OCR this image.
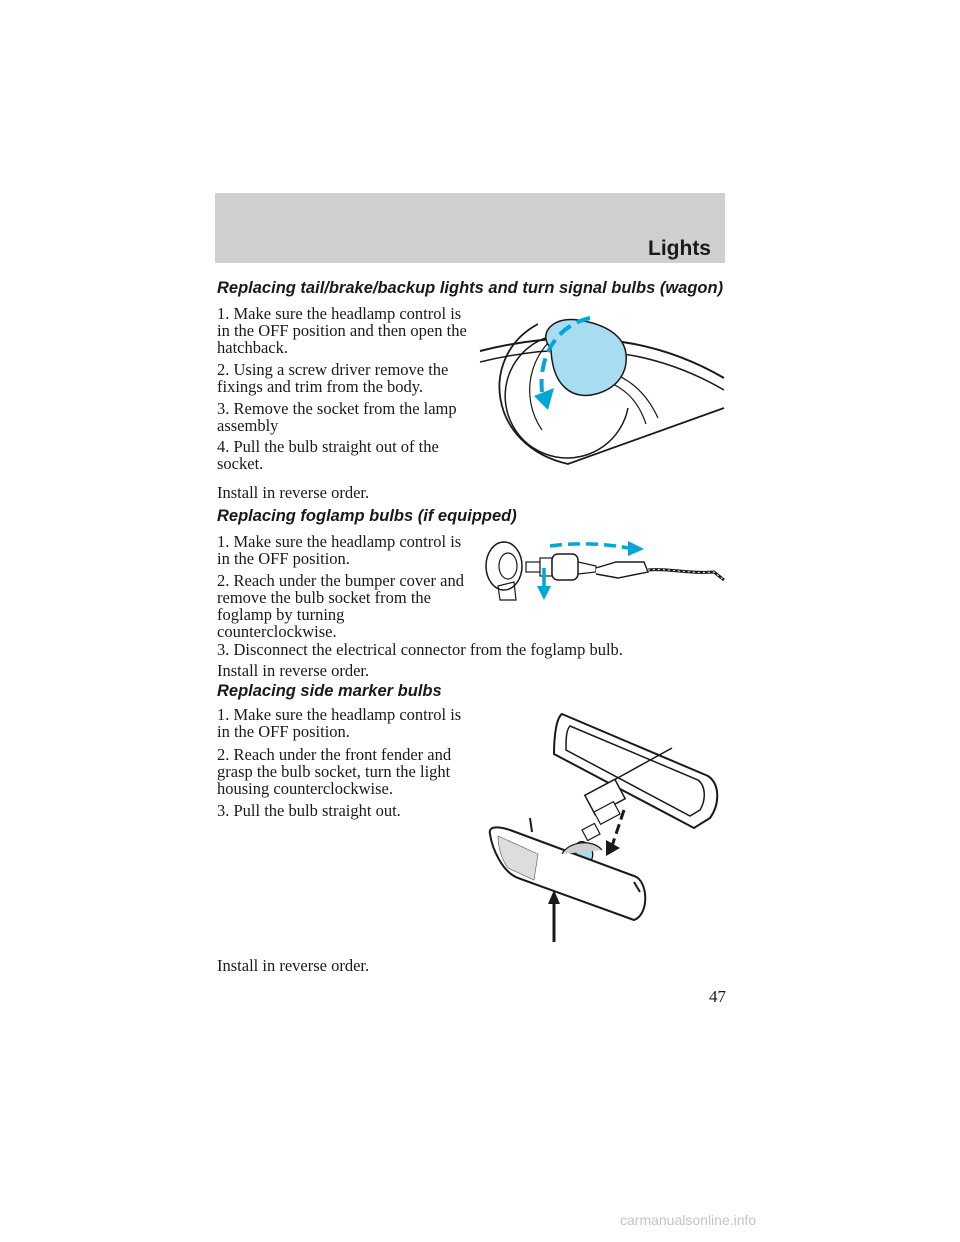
Lights
Replacing tail/brake/backup lights and turn signal bulbs (wagon)

1. Make sure the headlamp control is in the OFF position and then open the hatchback.

2. Using a screw driver remove the fixings and trim from the body.

3. Remove the socket from the lamp assembly

4. Pull the bulb straight out of the socket.

Install in reverse order.

Replacing foglamp bulbs (if equipped)

1. Make sure the headlamp control is in the OFF position.

2. Reach under the bumper cover and remove the bulb socket from the foglamp by turning counterclockwise.

3. Disconnect the electrical connector from the foglamp bulb.

Install in reverse order.

Replacing side marker bulbs

1. Make sure the headlamp control is in the OFF position.

2. Reach under the front fender and grasp the bulb socket, turn the light housing counterclockwise.

3. Pull the bulb straight out.

Install in reverse order.

47
carmanualsonline.info
